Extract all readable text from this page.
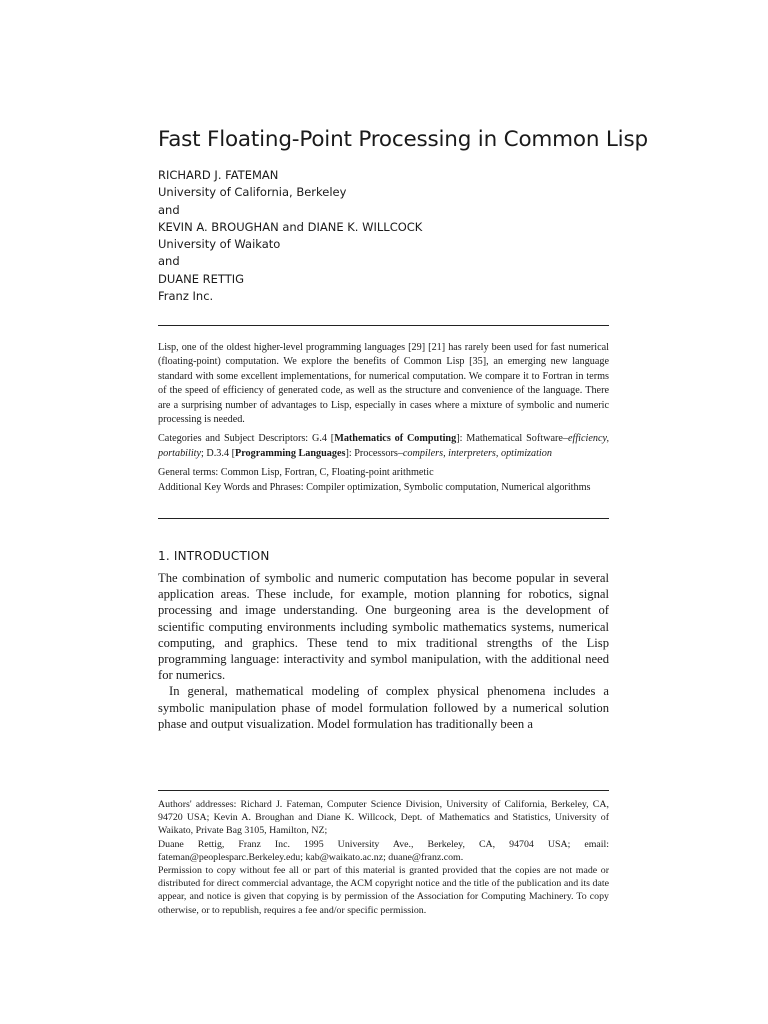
Fast Floating-Point Processing in Common Lisp
RICHARD J. FATEMAN
University of California, Berkeley
and
KEVIN A. BROUGHAN and DIANE K. WILLCOCK
University of Waikato
and
DUANE RETTIG
Franz Inc.

Lisp, one of the oldest higher-level programming languages [29] [21] has rarely been used for fast numerical (floating-point) computation. We explore the benefits of Common Lisp [35], an emerging new language standard with some excellent implementations, for numerical computation. We compare it to Fortran in terms of the speed of efficiency of generated code, as well as the structure and convenience of the language. There are a surprising number of advantages to Lisp, especially in cases where a mixture of symbolic and numeric processing is needed.

Categories and Subject Descriptors: G.4 [Mathematics of Computing]: Mathematical Software–efficiency, portability; D.3.4 [Programming Languages]: Processors–compilers, interpreters, optimization

General terms: Common Lisp, Fortran, C, Floating-point arithmetic

Additional Key Words and Phrases: Compiler optimization, Symbolic computation, Numerical algorithms

1. INTRODUCTION

The combination of symbolic and numeric computation has become popular in several application areas. These include, for example, motion planning for robotics, signal processing and image understanding. One burgeoning area is the development of scientific computing environments including symbolic mathematics systems, numerical computing, and graphics. These tend to mix traditional strengths of the Lisp programming language: interactivity and symbol manipulation, with the additional need for numerics.

In general, mathematical modeling of complex physical phenomena includes a symbolic manipulation phase of model formulation followed by a numerical solution phase and output visualization. Model formulation has traditionally been a

Authors' addresses: Richard J. Fateman, Computer Science Division, University of California, Berkeley, CA, 94720 USA; Kevin A. Broughan and Diane K. Willcock, Dept. of Mathematics and Statistics, University of Waikato, Private Bag 3105, Hamilton, NZ;

Duane Rettig, Franz Inc. 1995 University Ave., Berkeley, CA, 94704 USA; email: fateman@peoplesparc.Berkeley.edu; kab@waikato.ac.nz; duane@franz.com.

Permission to copy without fee all or part of this material is granted provided that the copies are not made or distributed for direct commercial advantage, the ACM copyright notice and the title of the publication and its date appear, and notice is given that copying is by permission of the Association for Computing Machinery. To copy otherwise, or to republish, requires a fee and/or specific permission.
